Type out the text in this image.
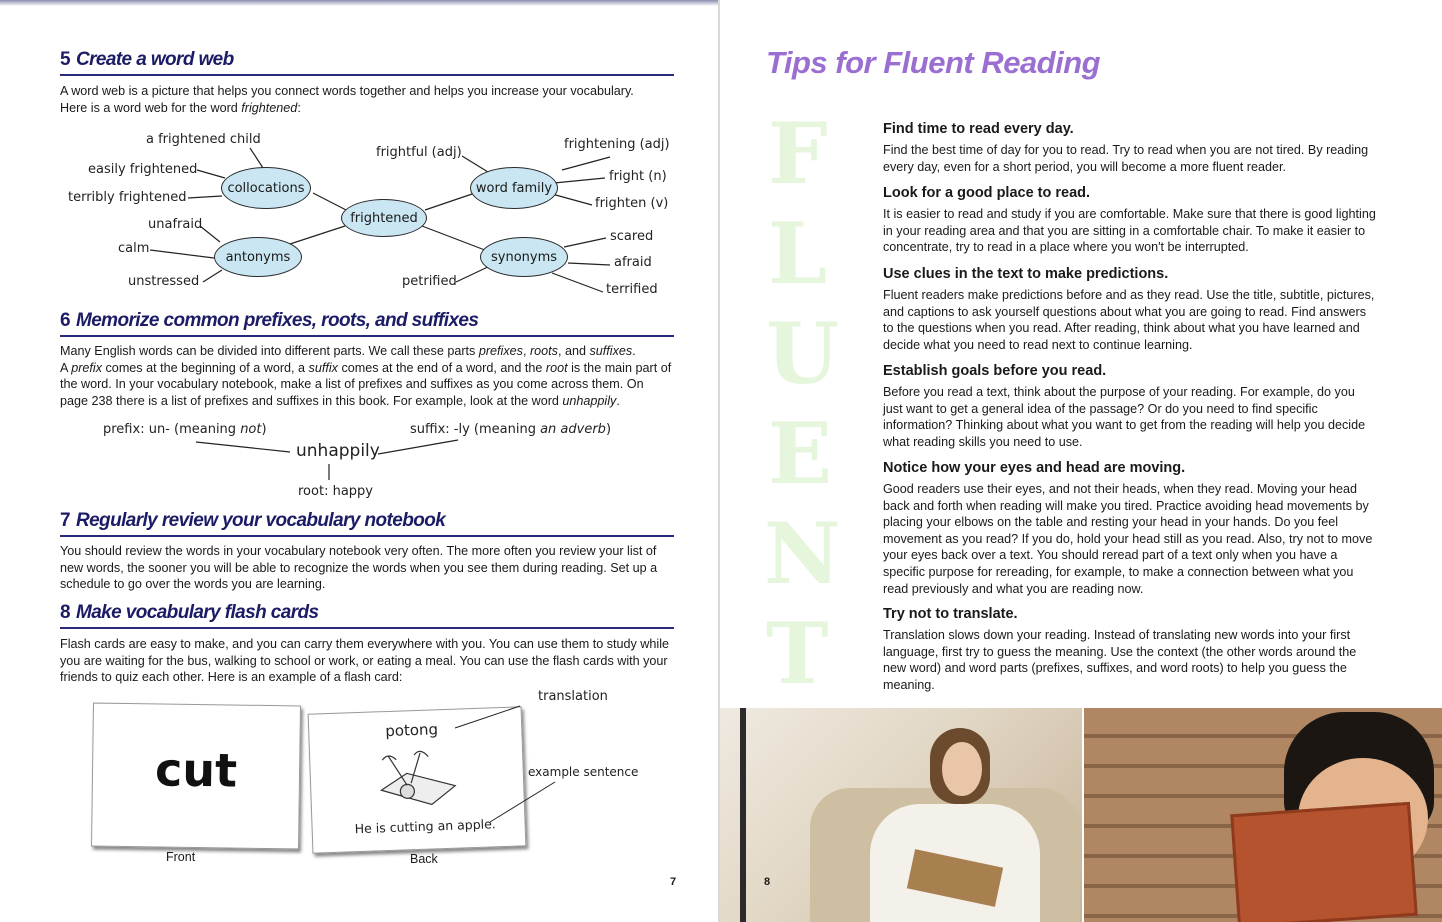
5 Create a word web
A word web is a picture that helps you connect words together and helps you increase your vocabulary.
Here is a word web for the word frightened:
frightened
collocations
antonyms
word family
synonyms
a frightened child
easily frightened
terribly frightened
unafraid
calm
unstressed
frightful (adj)
frightening (adj)
fright (n)
frighten (v)
scared
afraid
terrified
petrified
6 Memorize common prefixes, roots, and suffixes
Many English words can be divided into different parts. We call these parts prefixes, roots, and suffixes.
A prefix comes at the beginning of a word, a suffix comes at the end of a word, and the root is the main part of the word. In your vocabulary notebook, make a list of prefixes and suffixes as you come across them. On page 238 there is a list of prefixes and suffixes in this book. For example, look at the word unhappily.
prefix: un- (meaning not)	suffix: -ly (meaning an adverb)
unhappily
root: happy
7 Regularly review your vocabulary notebook
You should review the words in your vocabulary notebook very often. The more often you review your list of new words, the sooner you will be able to recognize the words when you see them during reading. Set up a schedule to go over the words you are learning.
8 Make vocabulary flash cards
Flash cards are easy to make, and you can carry them everywhere with you. You can use them to study while you are waiting for the bus, walking to school or work, or eating a meal. You can use the flash cards with your friends to quiz each other. Here is an example of a flash card:
cut
potong
He is cutting an apple.
translation
example sentence
Front	Back
7
Tips for Fluent Reading
F
L
U
E
N
T
Find time to read every day.

Find the best time of day for you to read. Try to read when you are not tired. By reading every day, even for a short period, you will become a more fluent reader.

Look for a good place to read.

It is easier to read and study if you are comfortable. Make sure that there is good lighting in your reading area and that you are sitting in a comfortable chair. To make it easier to concentrate, try to read in a place where you won't be interrupted.

Use clues in the text to make predictions.

Fluent readers make predictions before and as they read. Use the title, subtitle, pictures, and captions to ask yourself questions about what you are going to read. Find answers to the questions when you read. After reading, think about what you have learned and decide what you need to read next to continue learning.

Establish goals before you read.

Before you read a text, think about the purpose of your reading. For example, do you just want to get a general idea of the passage? Or do you need to find specific information? Thinking about what you want to get from the reading will help you decide what reading skills you need to use.

Notice how your eyes and head are moving.

Good readers use their eyes, and not their heads, when they read. Moving your head back and forth when reading will make you tired. Practice avoiding head movements by placing your elbows on the table and resting your head in your hands. Do you feel movement as you read? If you do, hold your head still as you read. Also, try not to move your eyes back over a text. You should reread part of a text only when you have a specific purpose for rereading, for example, to make a connection between what you read previously and what you are reading now.

Try not to translate.

Translation slows down your reading. Instead of translating new words into your first language, first try to guess the meaning. Use the context (the other words around the new word) and word parts (prefixes, suffixes, and word roots) to help you guess the meaning.

8
